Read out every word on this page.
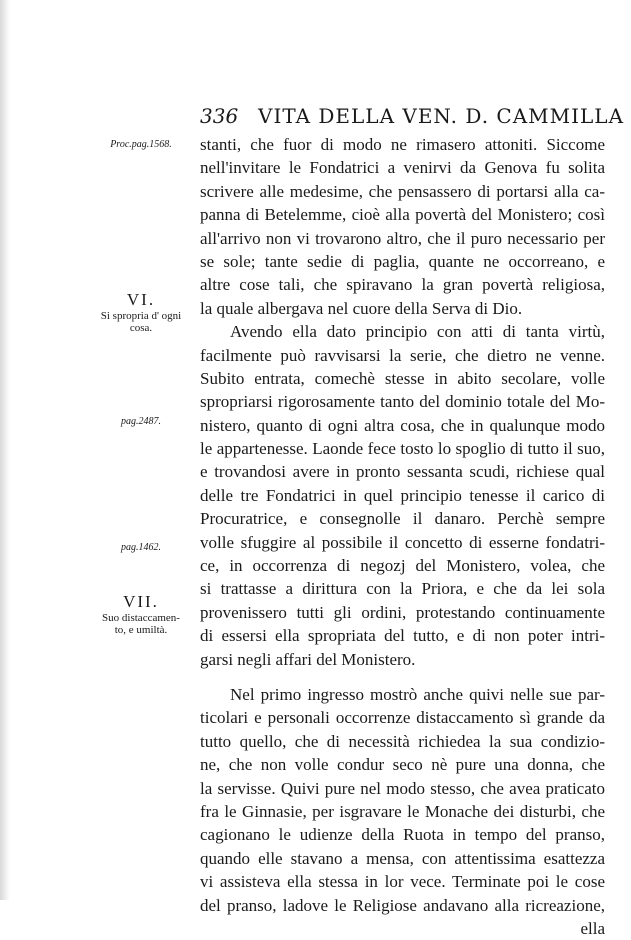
336 VITA DELLA VEN. D. CAMMILLA
Proc.pag.1568.
VI.
Si spropria d' ogni
cosa.
pag.2487.
pag.1462.
VII.
Suo distaccamen-
to, e umiltà.
stanti, che fuor di modo ne rimasero attoniti. Siccome
nell'invitare le Fondatrici a venirvi da Genova fu solita
scrivere alle medesime, che pensassero di portarsi alla ca-
panna di Betelemme, cioè alla povertà del Monistero; così
all'arrivo non vi trovarono altro, che il puro necessario per
se sole; tante sedie di paglia, quante ne occorreano, e
altre cose tali, che spiravano la gran povertà religiosa,
la quale albergava nel cuore della Serva di Dio.
Avendo ella dato principio con atti di tanta virtù,
facilmente può ravvisarsi la serie, che dietro ne venne.
Subito entrata, comechè stesse in abito secolare, volle
spropriarsi rigorosamente tanto del dominio totale del Mo-
nistero, quanto di ogni altra cosa, che in qualunque modo
le appartenesse. Laonde fece tosto lo spoglio di tutto il suo,
e trovandosi avere in pronto sessanta scudi, richiese qual
delle tre Fondatrici in quel principio tenesse il carico di
Procuratrice, e consegnolle il danaro. Perchè sempre
volle sfuggire al possibile il concetto di esserne fondatri-
ce, in occorrenza di negozj del Monistero, volea, che
si trattasse a dirittura con la Priora, e che da lei sola
provenissero tutti gli ordini, protestando continuamente
di essersi ella spropriata del tutto, e di non poter intri-
garsi negli affari del Monistero.
Nel primo ingresso mostrò anche quivi nelle sue par-
ticolari e personali occorrenze distaccamento sì grande da
tutto quello, che di necessità richiedea la sua condizio-
ne, che non volle condur seco nè pure una donna, che
la servisse. Quivi pure nel modo stesso, che avea praticato
fra le Ginnasie, per isgravare le Monache dei disturbi, che
cagionano le udienze della Ruota in tempo del pranso,
quando elle stavano a mensa, con attentissima esattezza
vi assisteva ella stessa in lor vece. Terminate poi le cose
del pranso, ladove le Religiose andavano alla ricreazione,
ella
